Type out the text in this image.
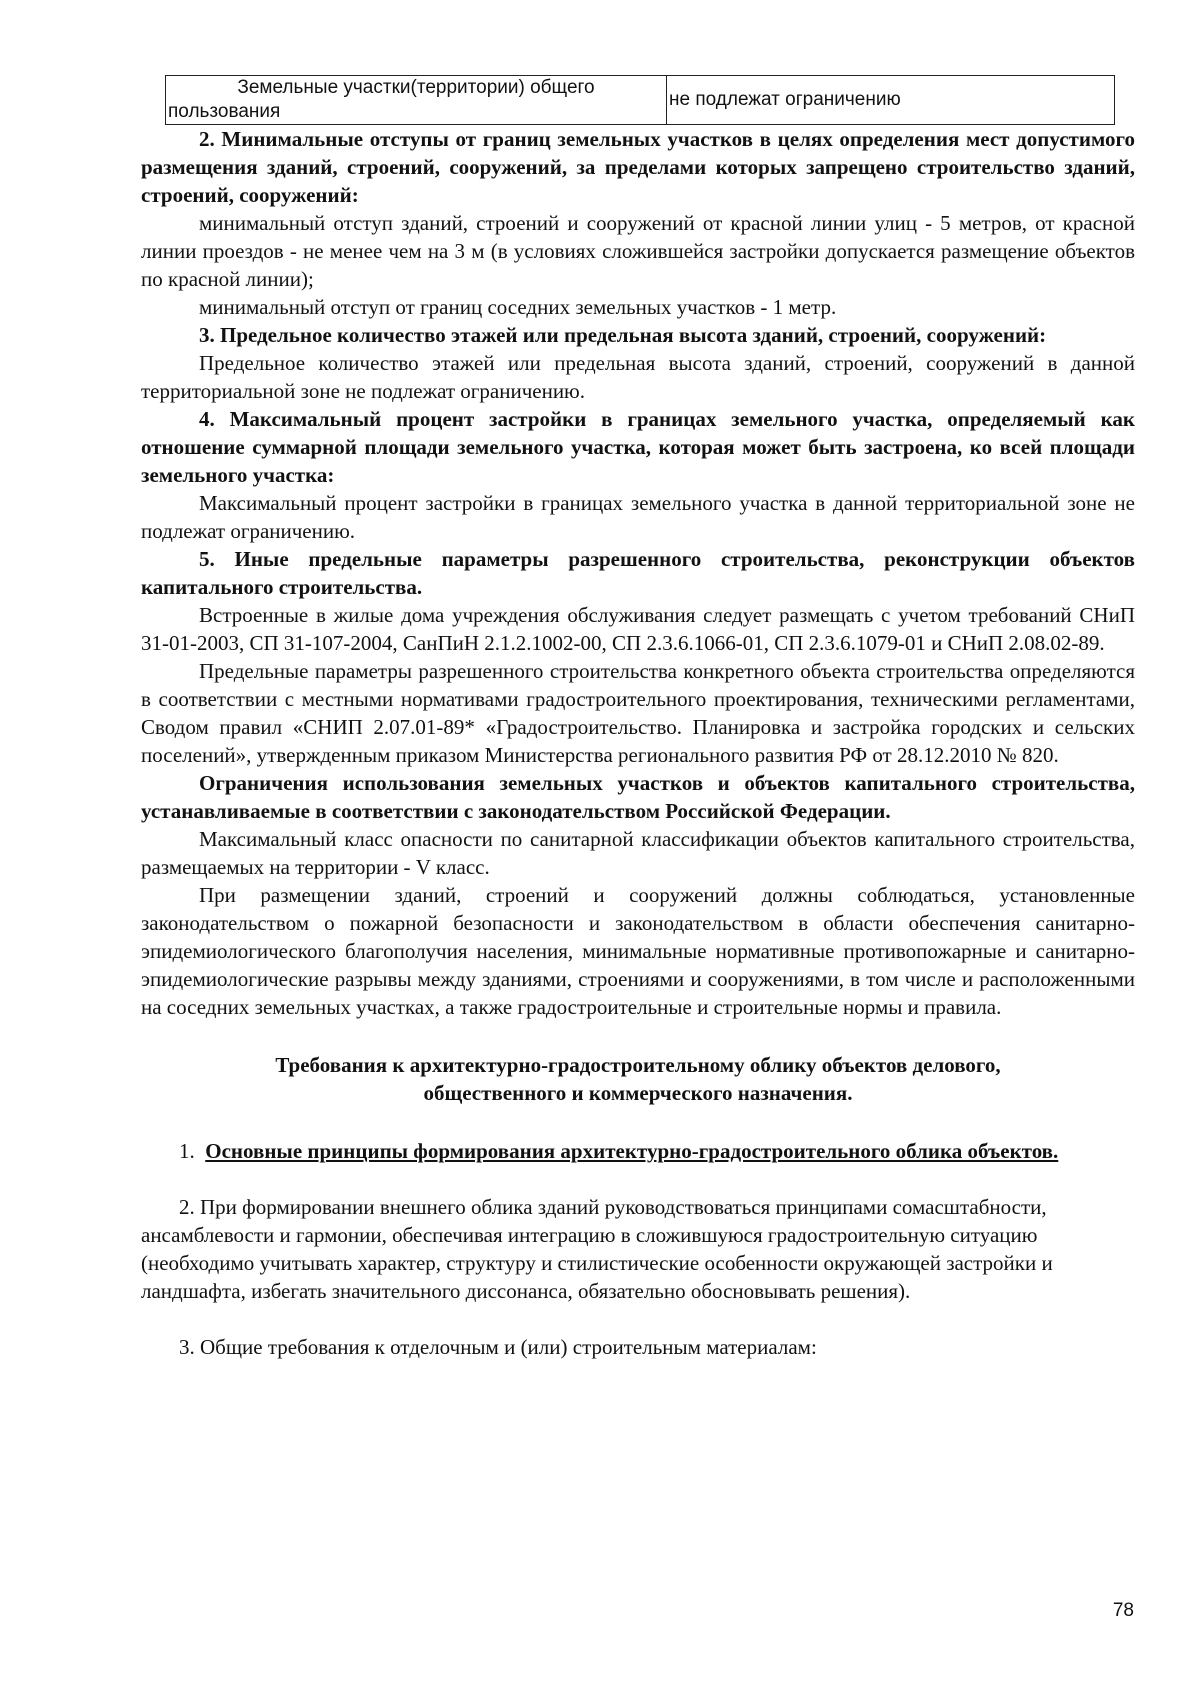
Земельные участки(территории) общего
пользования
	не подлежат ограничению

2. Минимальные отступы от границ земельных участков в целях определения мест допустимого размещения зданий, строений, сооружений, за пределами которых запрещено строительство зданий, строений, сооружений:

минимальный отступ зданий, строений и сооружений от красной линии улиц - 5 метров, от красной линии проездов - не менее чем на 3 м (в условиях сложившейся застройки допускается размещение объектов по красной линии);

минимальный отступ от границ соседних земельных участков - 1 метр.

3. Предельное количество этажей или предельная высота зданий, строений, сооружений:

Предельное количество этажей или предельная высота зданий, строений, сооружений в данной территориальной зоне не подлежат ограничению.

4. Максимальный процент застройки в границах земельного участка, определяемый как отношение суммарной площади земельного участка, которая может быть застроена, ко всей площади земельного участка:

Максимальный процент застройки в границах земельного участка в данной территориальной зоне не подлежат ограничению.

5. Иные предельные параметры разрешенного строительства, реконструкции объектов капитального строительства.

Встроенные в жилые дома учреждения обслуживания следует размещать с учетом требований СНиП 31-01-2003, СП 31-107-2004, СанПиН 2.1.2.1002-00, СП 2.3.6.1066-01, СП 2.3.6.1079-01 и СНиП 2.08.02-89.

Предельные параметры разрешенного строительства конкретного объекта строительства определяются в соответствии с местными нормативами градостроительного проектирования, техническими регламентами, Сводом правил «СНИП 2.07.01-89* «Градостроительство. Планировка и застройка городских и сельских поселений», утвержденным приказом Министерства регионального развития РФ от 28.12.2010 № 820.

Ограничения использования земельных участков и объектов капитального строительства, устанавливаемые в соответствии с законодательством Российской Федерации.

Максимальный класс опасности по санитарной классификации объектов капитального строительства, размещаемых на территории - V класс.

При размещении зданий, строений и сооружений должны соблюдаться, установленные законодательством о пожарной безопасности и законодательством в области обеспечения санитарно-эпидемиологического благополучия населения, минимальные нормативные противопожарные и санитарно-эпидемиологические разрывы между зданиями, строениями и сооружениями, в том числе и расположенными на соседних земельных участках, а также градостроительные и строительные нормы и правила.

Требования к архитектурно-градостроительному облику объектов делового,
общественного и коммерческого назначения.

1. Основные принципы формирования архитектурно-градостроительного облика объектов.

2. При формировании внешнего облика зданий руководствоваться принципами сомасштабности, ансамблевости и гармонии, обеспечивая интеграцию в сложившуюся градостроительную ситуацию (необходимо учитывать характер, структуру и стилистические особенности окружающей застройки и ландшафта, избегать значительного диссонанса, обязательно обосновывать решения).

3. Общие требования к отделочным и (или) строительным материалам:

78
